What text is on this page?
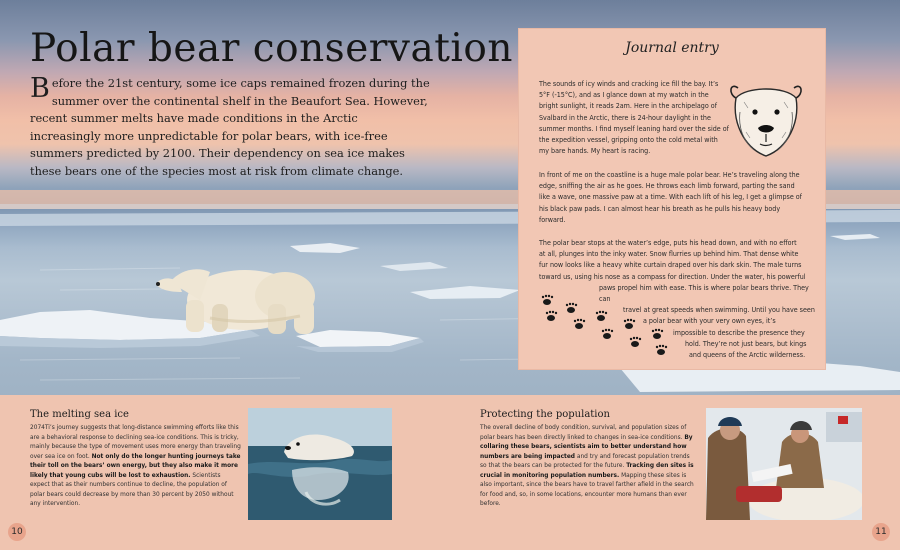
Polar bear conservation

Before the 21st century, some ice caps remained frozen during the summer over the continental shelf in the Beaufort Sea. However, recent summer melts have made conditions in the Arctic increasingly more unpredictable for polar bears, with ice-free summers predicted by 2100. Their dependency on sea ice makes these bears one of the species most at risk from climate change.

Journal entry

The sounds of icy winds and cracking ice fill the bay. It’s 5°F (-15°C), and as I glance down at my watch in the bright sunlight, it reads 2am. Here in the archipelago of Svalbard in the Arctic, there is 24-hour daylight in the summer months. I find myself leaning hard over the side of the expedition vessel, gripping onto the cold metal with my bare hands. My heart is racing.

In front of me on the coastline is a huge male polar bear. He’s traveling along the edge, sniffing the air as he goes. He throws each limb forward, parting the sand like a wave, one massive paw at a time. With each lift of his leg, I get a glimpse of his black paw pads. I can almost hear his breath as he pulls his heavy body forward.

The polar bear stops at the water’s edge, puts his head down, and with no effort
at all, plunges into the inky water. Snow flurries up behind him. That dense white
fur now looks like a heavy white curtain draped over his dark skin. The male turns
toward us, using his nose as a compass for direction. Under the water, his powerful
paws propel him with ease. This is where polar bears thrive. They can
travel at great speeds when swimming. Until you have seen
a polar bear with your very own eyes, it’s
impossible to describe the presence they
hold. They’re not just bears, but kings
and queens of the Arctic wilderness.
The melting sea ice

2074Ti’s journey suggests that long-distance swimming efforts like this are a behavioral response to declining sea-ice conditions. This is tricky, mainly because the type of movement uses more energy than traveling over sea ice on foot. Not only do the longer hunting journeys take their toll on the bears’ own energy, but they also make it more likely that young cubs will be lost to exhaustion. Scientists expect that as their numbers continue to decline, the population of polar bears could decrease by more than 30 percent by 2050 without any intervention.

Protecting the population

The overall decline of body condition, survival, and population sizes of polar bears has been directly linked to changes in sea-ice conditions. By collaring these bears, scientists aim to better understand how numbers are being impacted and try and forecast population trends so that the bears can be protected for the future. Tracking den sites is crucial in monitoring population numbers. Mapping these sites is also important, since the bears have to travel farther afield in the search for food and, so, in some locations, encounter more humans than ever before.

10	11
